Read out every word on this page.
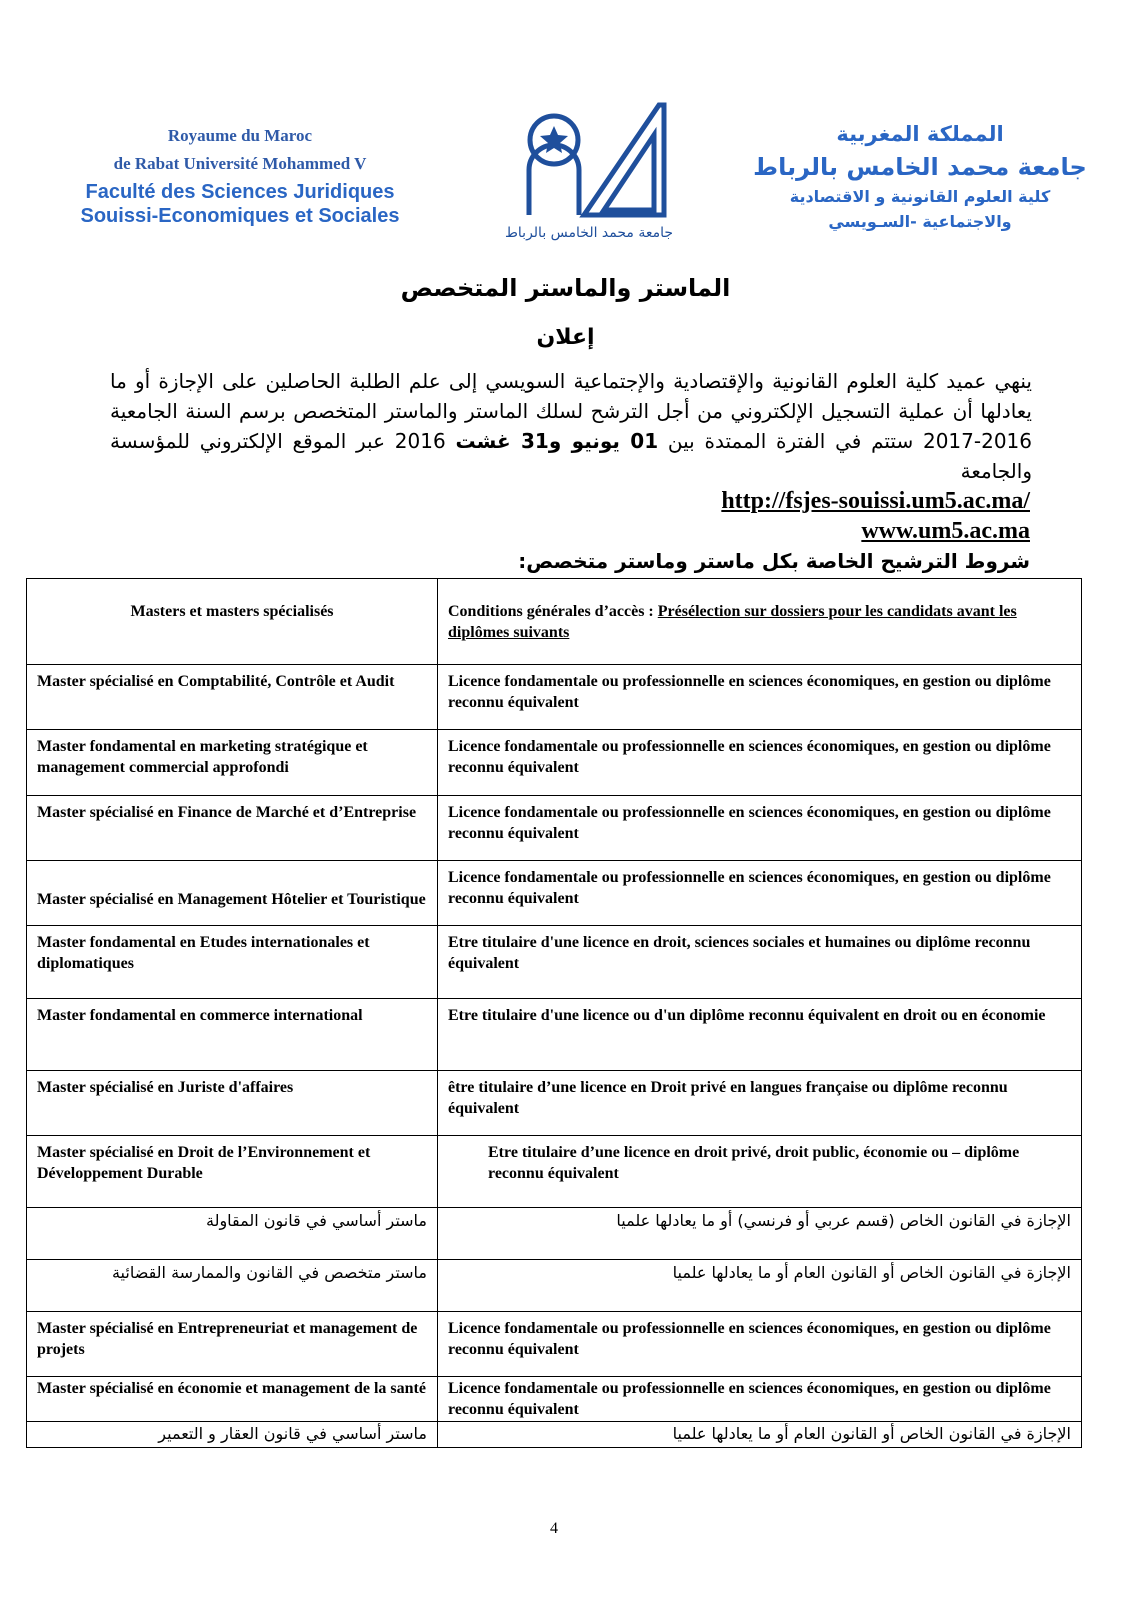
Royaume du Maroc
de Rabat Université Mohammed V
Faculté des Sciences Juridiques
Souissi-Economiques et Sociales
جامعة محمد الخامس بالرباط
المملكة المغربية
جامعة محمد الخامس بالرباط
كلية العلوم القانونية و الاقتصادية
والاجتماعية -السـويسي
الماستر والماستر المتخصص
إعلان
ينهي عميد كلية العلوم القانونية والإقتصادية والإجتماعية السويسي إلى علم الطلبة الحاصلين على الإجازة أو ما يعادلها أن عملية التسجيل الإلكتروني من أجل الترشح لسلك الماستر والماستر المتخصص برسم السنة الجامعية 2016-2017 ستتم في الفترة الممتدة بين 01 يونيو و31 غشت 2016 عبر الموقع الإلكتروني للمؤسسة والجامعة
http://fsjes-souissi.um5.ac.ma/
www.um5.ac.ma
شروط الترشيح الخاصة بكل ماستر وماستر متخصص:
Masters et masters spécialisés	Conditions générales d’accès : Présélection sur dossiers pour les candidats avant les diplômes suivants
Master spécialisé en Comptabilité, Contrôle et Audit	Licence fondamentale ou professionnelle en sciences économiques, en gestion ou diplôme reconnu équivalent
Master fondamental en marketing stratégique et management commercial approfondi	Licence fondamentale ou professionnelle en sciences économiques, en gestion ou diplôme reconnu équivalent
Master spécialisé en Finance de Marché et d’Entreprise	Licence fondamentale ou professionnelle en sciences économiques, en gestion ou diplôme reconnu équivalent
Master spécialisé en Management Hôtelier et Touristique	Licence fondamentale ou professionnelle en sciences économiques, en gestion ou diplôme reconnu équivalent
Master fondamental en Etudes internationales et diplomatiques	Etre titulaire d'une licence en droit, sciences sociales et humaines ou diplôme reconnu équivalent
Master fondamental en commerce international	Etre titulaire d'une licence ou d'un diplôme reconnu équivalent en droit ou en économie
Master spécialisé en Juriste d'affaires	être titulaire d’une licence en Droit privé en langues française ou diplôme reconnu équivalent
Master spécialisé en Droit de l’Environnement et Développement Durable	Etre titulaire d’une licence en droit privé, droit public, économie ou – diplôme reconnu équivalent
ماستر أساسي في قانون المقاولة	الإجازة في القانون الخاص (قسم عربي أو فرنسي) أو ما يعادلها علميا
ماستر متخصص في القانون والممارسة القضائية	الإجازة في القانون الخاص أو القانون العام أو ما يعادلها علميا
Master spécialisé en Entrepreneuriat et management de projets	Licence fondamentale ou professionnelle en sciences économiques, en gestion ou diplôme reconnu équivalent
Master spécialisé en économie et management de la santé	Licence fondamentale ou professionnelle en sciences économiques, en gestion ou diplôme reconnu équivalent
ماستر أساسي في قانون العقار و التعمير	الإجازة في القانون الخاص أو القانون العام أو ما يعادلها علميا
4
